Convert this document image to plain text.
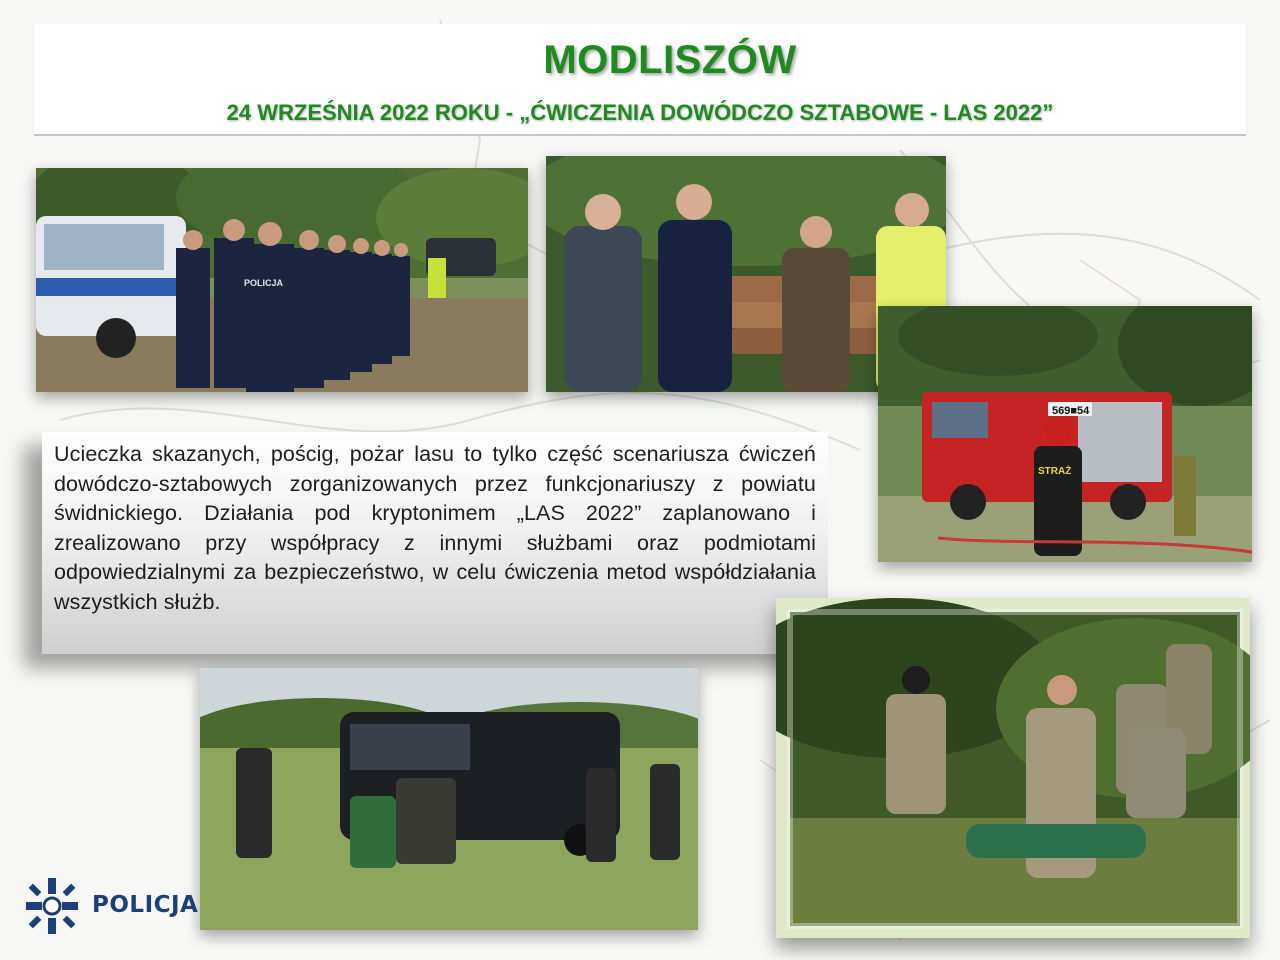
MODLISZÓW
24 WRZEŚNIA 2022 ROKU - „ĆWICZENIA DOWÓDCZO SZTABOWE - LAS 2022”
POLICJA
569■54
STRAŻ

Ucieczka skazanych, pościg, pożar lasu to tylko część scenariusza ćwiczeń dowódczo-sztabowych zorganizowanych przez funkcjonariuszy z powiatu świdnickiego. Działania pod kryptonimem „LAS 2022” zaplanowano i zrealizowano przy współpracy z innymi służbami oraz podmiotami odpowiedzialnymi za bezpieczeństwo, w celu ćwiczenia metod współdziałania wszystkich służb.

POLICJA
